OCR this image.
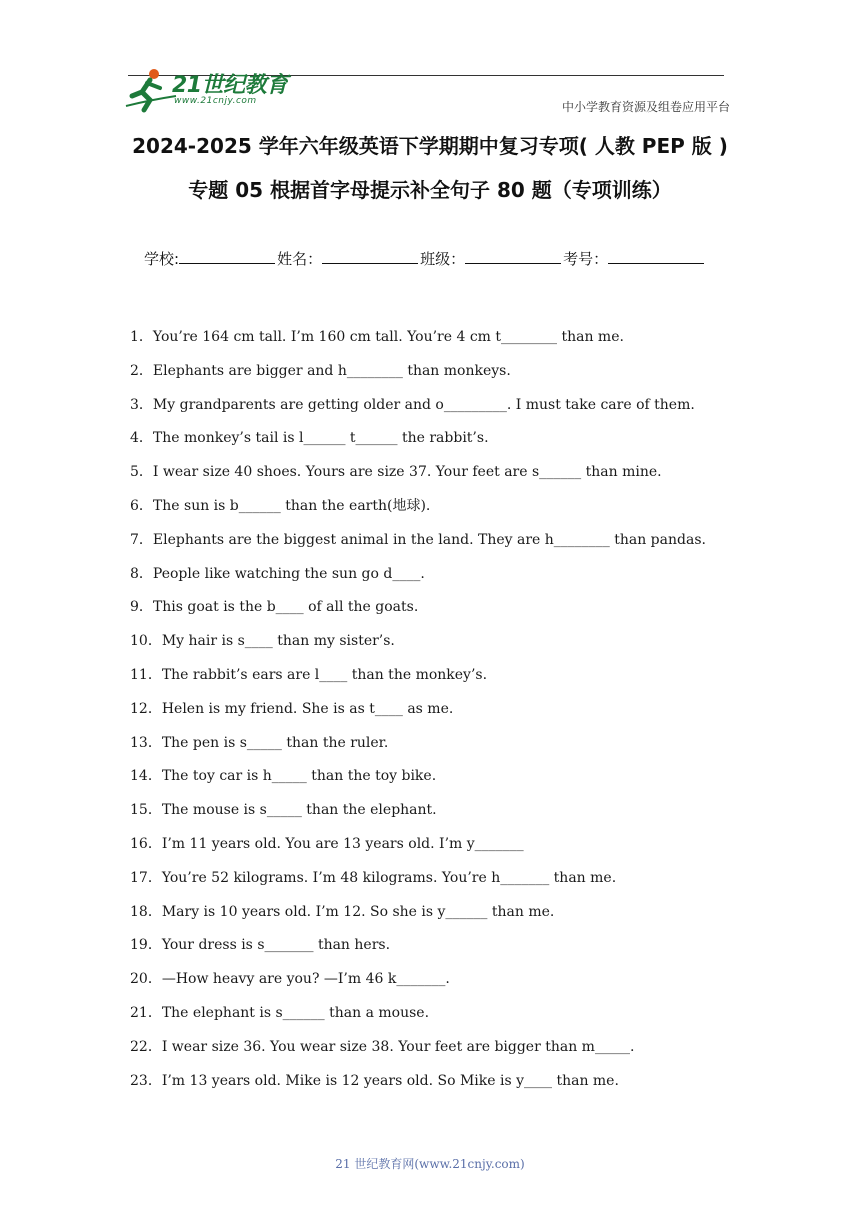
21世纪教育
www.21cnjy.com	中小学教育资源及组卷应用平台
2024-2025 学年六年级英语下学期期中复习专项( 人教 PEP 版 )
专题 05 根据首字母提示补全句子 80 题（专项训练）
学校:	姓名：	班级：	考号：
1．You’re 164 cm tall. I’m 160 cm tall. You’re 4 cm t________ than me.
2．Elephants are bigger and h________ than monkeys.
3．My grandparents are getting older and o_________. I must take care of them.
4．The monkey’s tail is l______ t______ the rabbit’s.
5．I wear size 40 shoes. Yours are size 37. Your feet are s______ than mine.
6．The sun is b______ than the earth(地球).
7．Elephants are the biggest animal in the land. They are h________ than pandas.
8．People like watching the sun go d____.
9．This goat is the b____ of all the goats.
10．My hair is s____ than my sister’s.
11．The rabbit’s ears are l____ than the monkey’s.
12．Helen is my friend. She is as t____ as me.
13．The pen is s_____ than the ruler.
14．The toy car is h_____ than the toy bike.
15．The mouse is s_____ than the elephant.
16．I’m 11 years old. You are 13 years old. I’m y_______
17．You’re 52 kilograms. I’m 48 kilograms. You’re h_______ than me.
18．Mary is 10 years old. I’m 12. So she is y______ than me.
19．Your dress is s_______ than hers.
20．—How heavy are you? —I’m 46 k_______.
21．The elephant is s______ than a mouse.
22．I wear size 36. You wear size 38. Your feet are bigger than m_____.
23．I’m 13 years old. Mike is 12 years old. So Mike is y____ than me.
21 世纪教育网(www.21cnjy.com)
